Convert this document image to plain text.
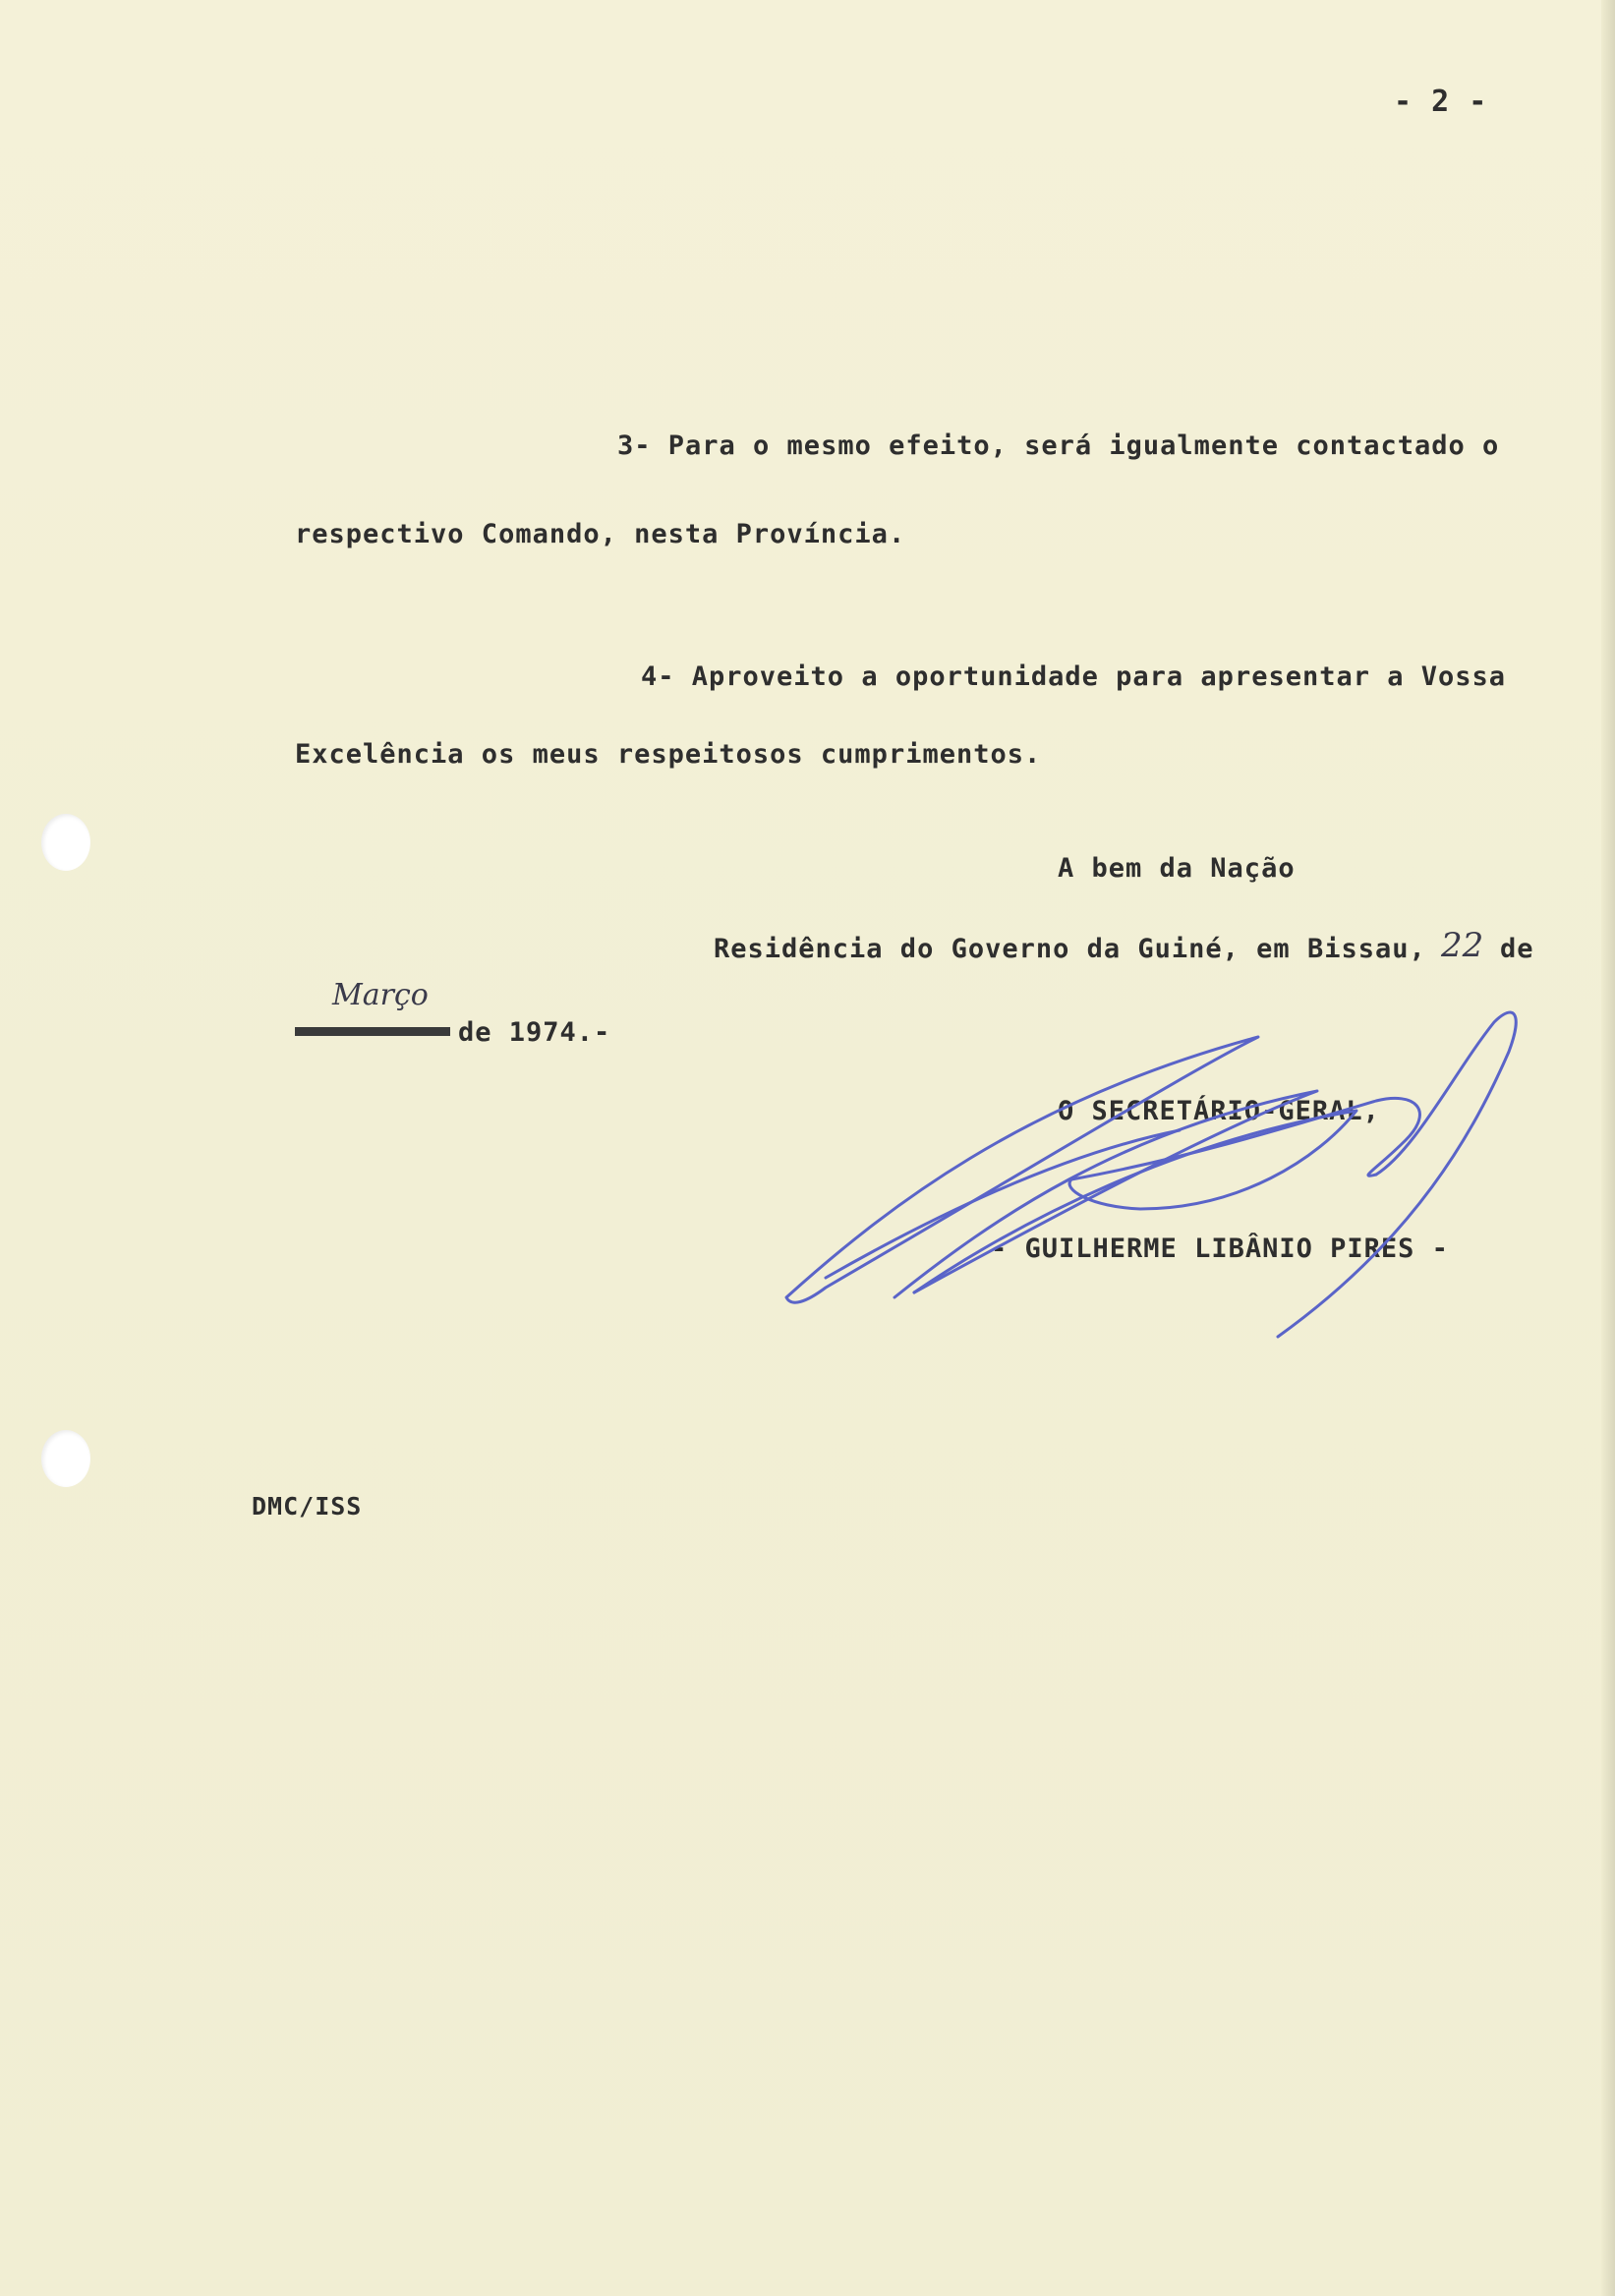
- 2 -
3- Para o mesmo efeito, será igualmente contactado o
respectivo Comando, nesta Província.
4- Aproveito a oportunidade para apresentar a Vossa
Excelência os meus respeitosos cumprimentos.
A bem da Nação
Residência do Governo da Guiné, em Bissau, 22 de
Março
de 1974.-
O SECRETÁRIO-GERAL,
- GUILHERME LIBÂNIO PIRES -
DMC/ISS
